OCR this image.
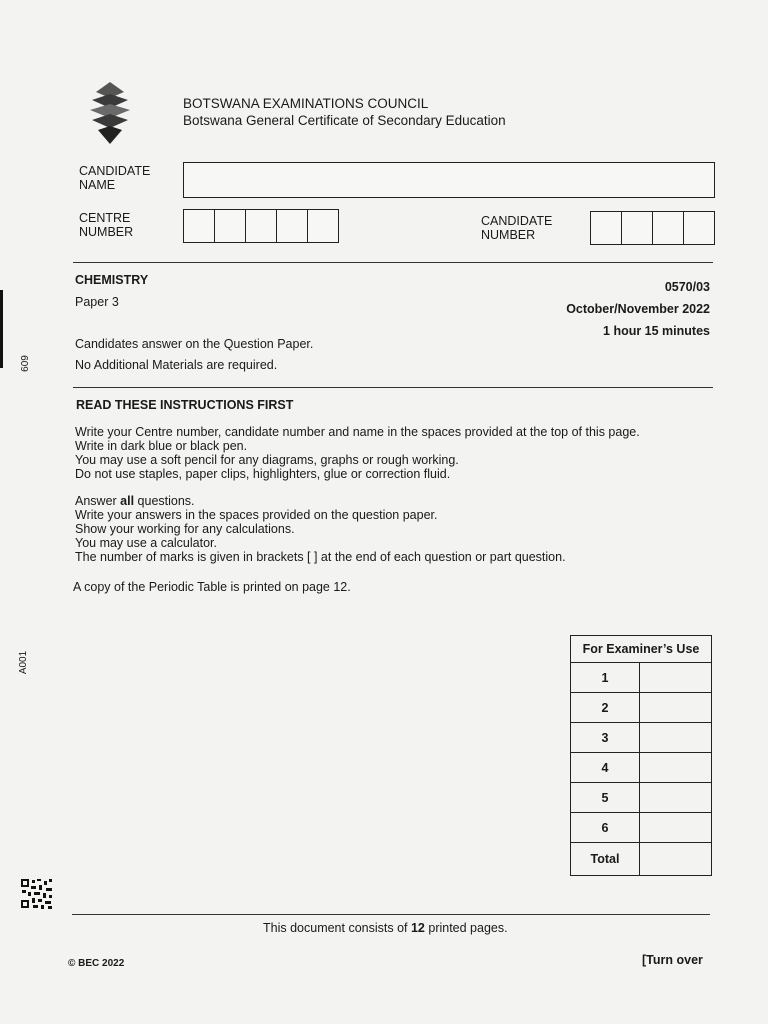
BOTSWANA EXAMINATIONS COUNCIL
Botswana General Certificate of Secondary Education
CANDIDATE
NAME
CENTRE
NUMBER
CANDIDATE
NUMBER
CHEMISTRY
Paper 3
0570/03
October/November 2022
1 hour 15 minutes
Candidates answer on the Question Paper.
No Additional Materials are required.
READ THESE INSTRUCTIONS FIRST

Write your Centre number, candidate number and name in the spaces provided at the top of this page.

Write in dark blue or black pen.

You may use a soft pencil for any diagrams, graphs or rough working.

Do not use staples, paper clips, highlighters, glue or correction fluid.

Answer all questions.

Write your answers in the spaces provided on the question paper.

Show your working for any calculations.

You may use a calculator.

The number of marks is given in brackets [ ] at the end of each question or part question.

A copy of the Periodic Table is printed on page 12.
For Examiner’s Use	
1	
2	
3	
4	
5	
6	
Total	
609
A001
This document consists of 12 printed pages.
© BEC 2022	[Turn over
